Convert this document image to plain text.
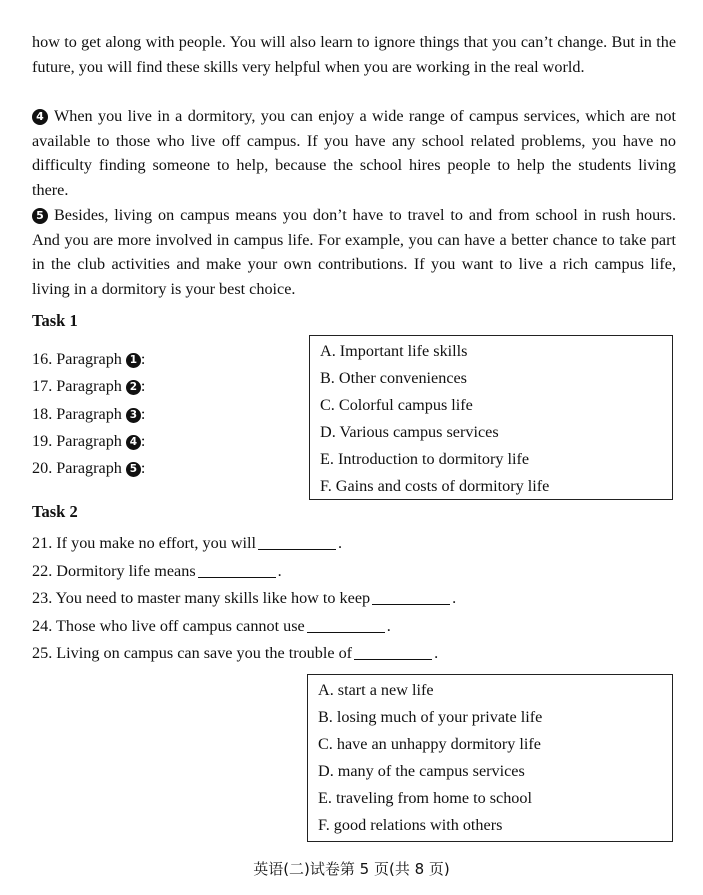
how to get along with people. You will also learn to ignore things that you can’t change. But in the future, you will find these skills very helpful when you are working in the real world.
4 When you live in a dormitory, you can enjoy a wide range of campus services, which are not available to those who live off campus. If you have any school related problems, you have no difficulty finding someone to help, because the school hires people to help the students living there.
5 Besides, living on campus means you don’t have to travel to and from school in rush hours. And you are more involved in campus life. For example, you can have a better chance to take part in the club activities and make your own contributions. If you want to live a rich campus life, living in a dormitory is your best choice.
Task 1
16. Paragraph 1 :
17. Paragraph 2 :
18. Paragraph 3 :
19. Paragraph 4 :
20. Paragraph 5 :
A. Important life skills
B. Other conveniences
C. Colorful campus life
D. Various campus services
E. Introduction to dormitory life
F. Gains and costs of dormitory life
Task 2
21. If you make no effort, you will	.
22. Dormitory life means	.
23. You need to master many skills like how to keep	.
24. Those who live off campus cannot use	.
25. Living on campus can save you the trouble of	.
A. start a new life
B. losing much of your private life
C. have an unhappy dormitory life
D. many of the campus services
E. traveling from home to school
F. good relations with others
英语(二)试卷第 5 页(共 8 页)
